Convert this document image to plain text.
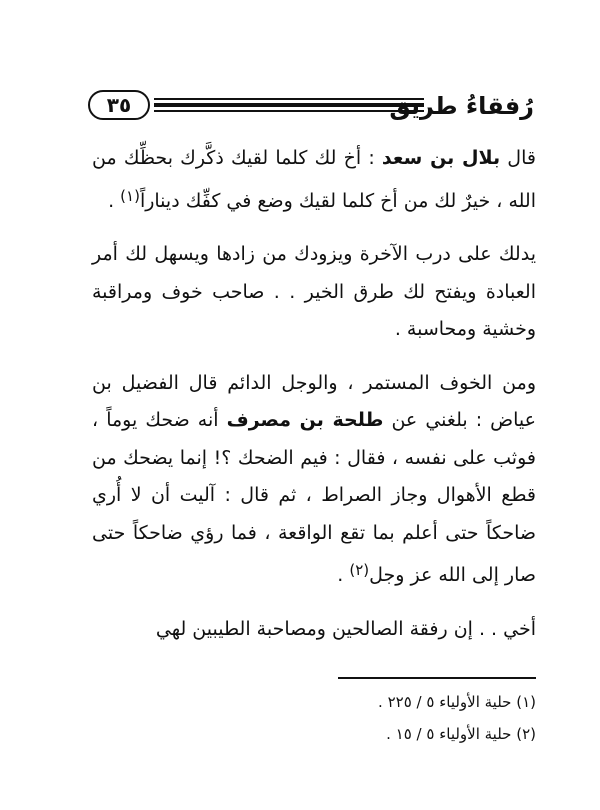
٣٥	رُفقاءُ طريق

قال بلال بن سعد : أخ لك كلما لقيك ذكَّرك بحظِّك من الله ، خيرٌ لك من أخ كلما لقيك وضع في كفِّك ديناراً$^{(١)}$ .

يدلك على درب الآخرة ويزودك من زادها ويسهل لك أمر العبادة ويفتح لك طرق الخير . . صاحب خوف ومراقبة وخشية ومحاسبة .

ومن الخوف المستمر ، والوجل الدائم قال الفضيل بن عياض : بلغني عن طلحة بن مصرف أنه ضحك يوماً ، فوثب على نفسه ، فقال : فيم الضحك ؟! إنما يضحك من قطع الأهوال وجاز الصراط ، ثم قال : آليت أن لا أُري ضاحكاً حتى أعلم بما تقع الواقعة ، فما رؤي ضاحكاً حتى صار إلى الله عز وجل$^{(٢)}$ .

أخي . . إن رفقة الصالحين ومصاحبة الطيبين لهي

(١) حلية الأولياء ٥ / ٢٢٥ .

(٢) حلية الأولياء ٥ / ١٥ .
